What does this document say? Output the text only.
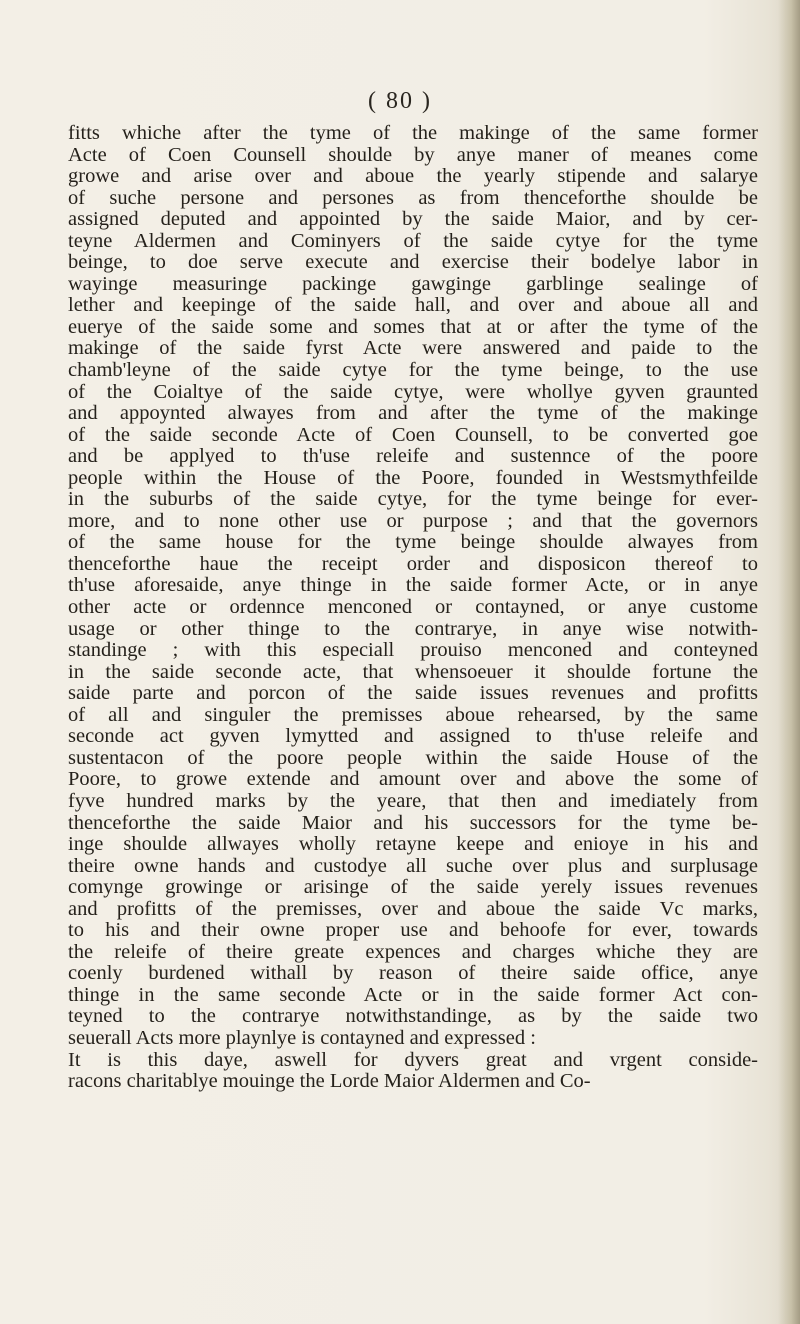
( 80 )
fitts whiche after the tyme of the makinge of the same former
Acte of Coen Counsell shoulde by anye maner of meanes come
growe and arise over and aboue the yearly stipende and salarye
of suche persone and persones as from thenceforthe shoulde be
assigned deputed and appointed by the saide Maior, and by cer-
teyne Aldermen and Cominyers of the saide cytye for the tyme
beinge, to doe serve execute and exercise their bodelye labor in
wayinge measuringe packinge gawginge garblinge sealinge of
lether and keepinge of the saide hall, and over and aboue all and
euerye of the saide some and somes that at or after the tyme of the
makinge of the saide fyrst Acte were answered and paide to the
chamb'leyne of the saide cytye for the tyme beinge, to the use
of the Coialtye of the saide cytye, were whollye gyven graunted
and appoynted alwayes from and after the tyme of the makinge
of the saide seconde Acte of Coen Counsell, to be converted goe
and be applyed to th'use releife and sustennce of the poore
people within the House of the Poore, founded in Westsmythfeilde
in the suburbs of the saide cytye, for the tyme beinge for ever-
more, and to none other use or purpose ; and that the governors
of the same house for the tyme beinge shoulde alwayes from
thenceforthe haue the receipt order and disposicon thereof to
th'use aforesaide, anye thinge in the saide former Acte, or in anye
other acte or ordennce menconed or contayned, or anye custome
usage or other thinge to the contrarye, in anye wise notwith-
standinge ; with this especiall prouiso menconed and conteyned
in the saide seconde acte, that whensoeuer it shoulde fortune the
saide parte and porcon of the saide issues revenues and profitts
of all and singuler the premisses aboue rehearsed, by the same
seconde act gyven lymytted and assigned to th'use releife and
sustentacon of the poore people within the saide House of the
Poore, to growe extende and amount over and above the some of
fyve hundred marks by the yeare, that then and imediately from
thenceforthe the saide Maior and his successors for the tyme be-
inge shoulde allwayes wholly retayne keepe and enioye in his and
theire owne hands and custodye all suche over plus and surplusage
comynge growinge or arisinge of the saide yerely issues revenues
and profitts of the premisses, over and aboue the saide Vc marks,
to his and their owne proper use and behoofe for ever, towards
the releife of theire greate expences and charges whiche they are
coenly burdened withall by reason of theire saide office, anye
thinge in the same seconde Acte or in the saide former Act con-
teyned to the contrarye notwithstandinge, as by the saide two
seuerall Acts more playnlye is contayned and expressed :
It is this daye, aswell for dyvers great and vrgent conside-
racons charitablye mouinge the Lorde Maior Aldermen and Co-
